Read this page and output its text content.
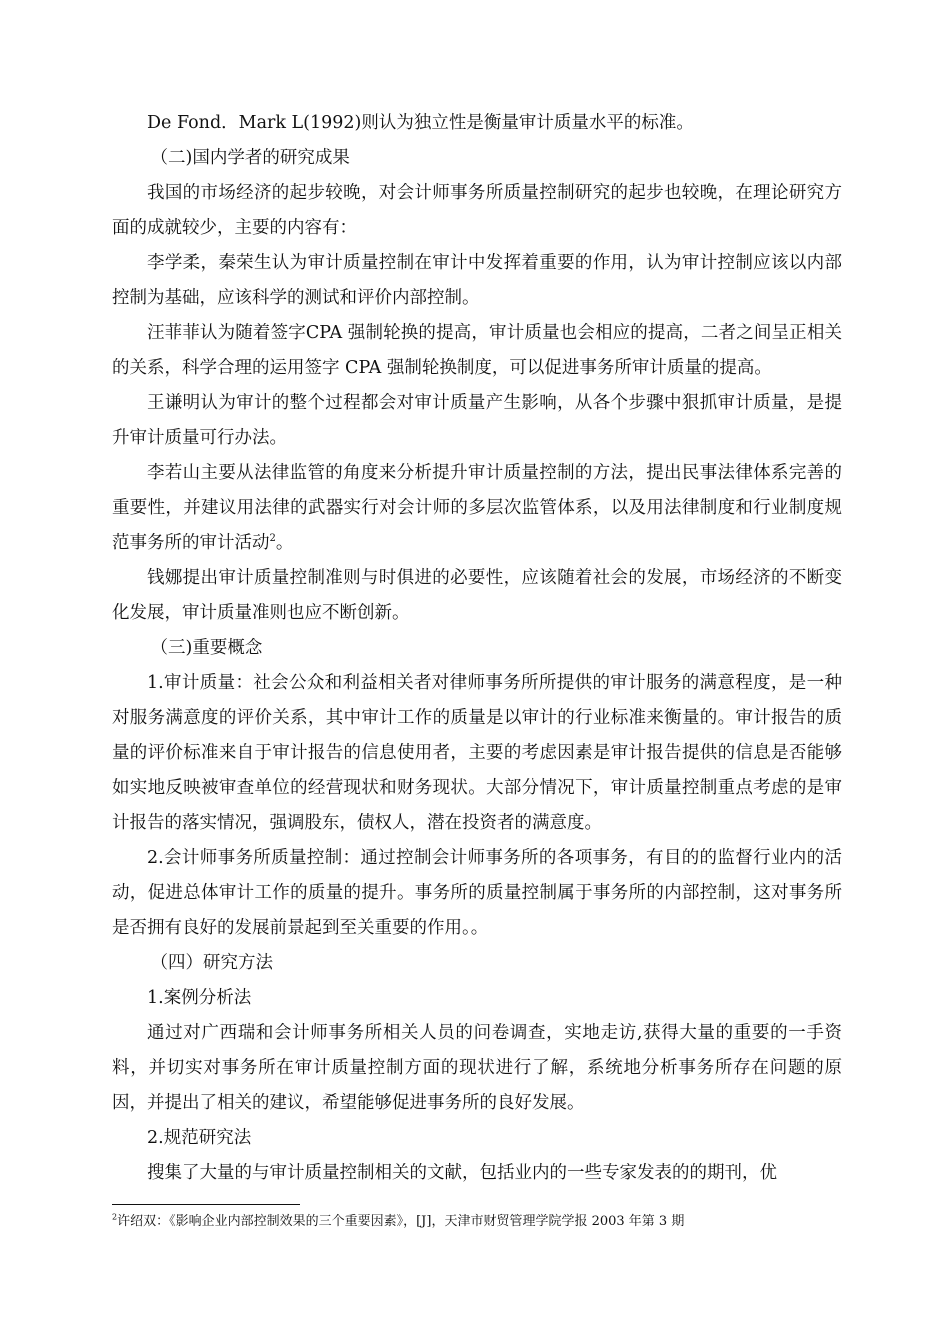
De Fond．Mark L(1992)则认为独立性是衡量审计质量水平的标准。

（二)国内学者的研究成果

我国的市场经济的起步较晚，对会计师事务所质量控制研究的起步也较晚，在理论研究方面的成就较少，主要的内容有：

李学柔，秦荣生认为审计质量控制在审计中发挥着重要的作用，认为审计控制应该以内部控制为基础，应该科学的测试和评价内部控制。

汪菲菲认为随着签字CPA 强制轮换的提高，审计质量也会相应的提高，二者之间呈正相关的关系，科学合理的运用签字 CPA 强制轮换制度，可以促进事务所审计质量的提高。

王谦明认为审计的整个过程都会对审计质量产生影响，从各个步骤中狠抓审计质量，是提升审计质量可行办法。

李若山主要从法律监管的角度来分析提升审计质量控制的方法，提出民事法律体系完善的重要性，并建议用法律的武器实行对会计师的多层次监管体系，以及用法律制度和行业制度规范事务所的审计活动$^2$。

钱娜提出审计质量控制准则与时俱进的必要性，应该随着社会的发展，市场经济的不断变化发展，审计质量准则也应不断创新。

（三)重要概念

1.审计质量：社会公众和利益相关者对律师事务所所提供的审计服务的满意程度，是一种对服务满意度的评价关系，其中审计工作的质量是以审计的行业标准来衡量的。审计报告的质量的评价标准来自于审计报告的信息使用者，主要的考虑因素是审计报告提供的信息是否能够如实地反映被审查单位的经营现状和财务现状。大部分情况下，审计质量控制重点考虑的是审计报告的落实情况，强调股东，债权人，潜在投资者的满意度。

2.会计师事务所质量控制：通过控制会计师事务所的各项事务，有目的的监督行业内的活动，促进总体审计工作的质量的提升。事务所的质量控制属于事务所的内部控制，这对事务所是否拥有良好的发展前景起到至关重要的作用。。

（四）研究方法

1.案例分析法

通过对广西瑞和会计师事务所相关人员的问卷调查，实地走访,获得大量的重要的一手资料，并切实对事务所在审计质量控制方面的现状进行了解，系统地分析事务所存在问题的原因，并提出了相关的建议，希望能够促进事务所的良好发展。

2.规范研究法

搜集了大量的与审计质量控制相关的文献，包括业内的一些专家发表的的期刊，优

$^2$许绍双：《影响企业内部控制效果的三个重要因素》，[J]，天津市财贸管理学院学报 2003 年第 3 期
